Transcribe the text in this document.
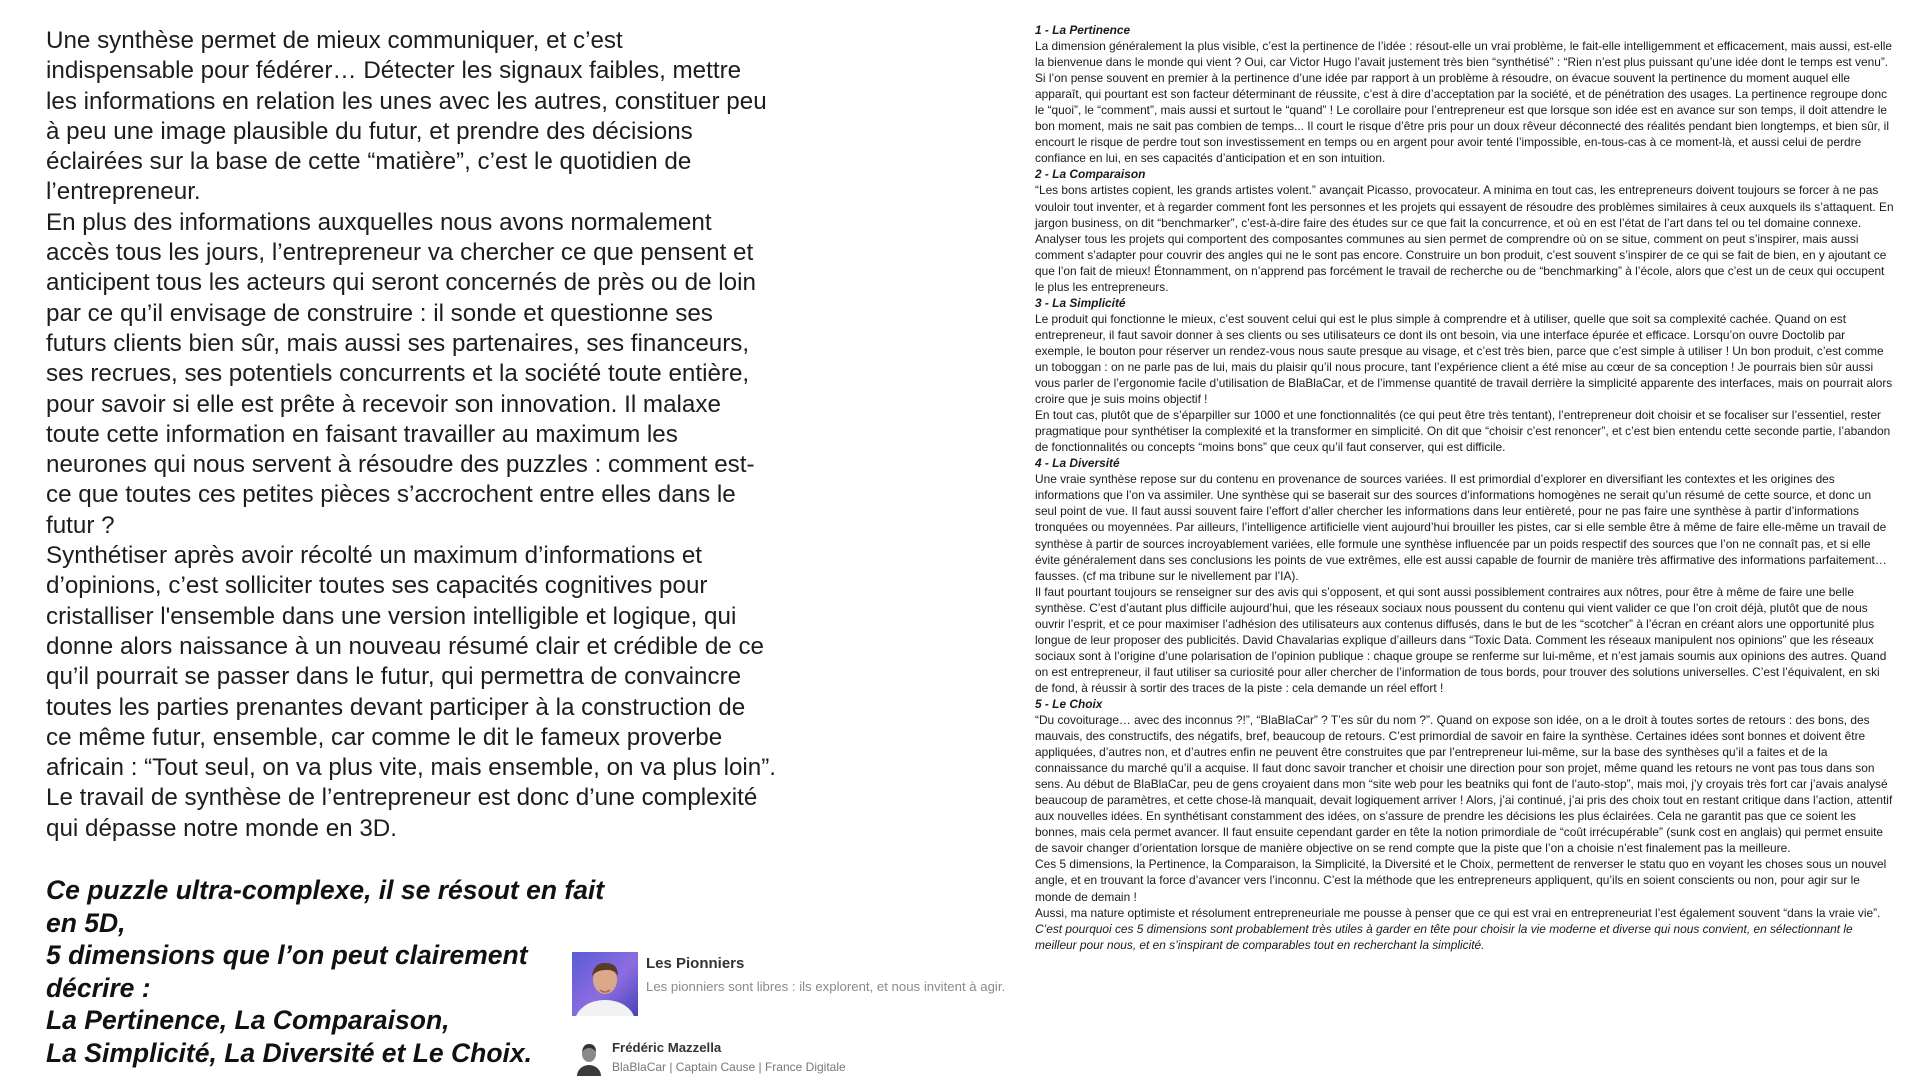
Une synthèse permet de mieux communiquer, et c’est indispensable pour fédérer… Détecter les signaux faibles, mettre les informations en relation les unes avec les autres, constituer peu à peu une image plausible du futur, et prendre des décisions éclairées sur la base de cette “matière”, c’est le quotidien de l’entrepreneur.

En plus des informations auxquelles nous avons normalement accès tous les jours, l’entrepreneur va chercher ce que pensent et anticipent tous les acteurs qui seront concernés de près ou de loin par ce qu’il envisage de construire : il sonde et questionne ses futurs clients bien sûr, mais aussi ses partenaires, ses financeurs, ses recrues, ses potentiels concurrents et la société toute entière, pour savoir si elle est prête à recevoir son innovation. Il malaxe toute cette information en faisant travailler au maximum les neurones qui nous servent à résoudre des puzzles : comment est-ce que toutes ces petites pièces s’accrochent entre elles dans le futur ?

Synthétiser après avoir récolté un maximum d’informations et d’opinions, c’est solliciter toutes ses capacités cognitives pour cristalliser l'ensemble dans une version intelligible et logique, qui donne alors naissance à un nouveau résumé clair et crédible de ce qu’il pourrait se passer dans le futur, qui permettra de convaincre toutes les parties prenantes devant participer à la construction de ce même futur, ensemble, car comme le dit le fameux proverbe africain : “Tout seul, on va plus vite, mais ensemble, on va plus loin”. Le travail de synthèse de l’entrepreneur est donc d’une complexité qui dépasse notre monde en 3D.

Ce puzzle ultra-complexe, il se résout en fait en 5D,

5 dimensions que l’on peut clairement décrire :

La Pertinence, La Comparaison,

La Simplicité, La Diversité et Le Choix.

Les Pionniers
Les pionniers sont libres : ils explorent, et nous invitent à agir.
Frédéric Mazzella
BlaBlaCar | Captain Cause | France Digitale

1 - La Pertinence

La dimension généralement la plus visible, c’est la pertinence de l’idée : résout-elle un vrai problème, le fait-elle intelligemment et efficacement, mais aussi, est-elle la bienvenue dans le monde qui vient ? Oui, car Victor Hugo l’avait justement très bien “synthétisé” : “Rien n’est plus puissant qu’une idée dont le temps est venu”. Si l’on pense souvent en premier à la pertinence d’une idée par rapport à un problème à résoudre, on évacue souvent la pertinence du moment auquel elle apparaît, qui pourtant est son facteur déterminant de réussite, c’est à dire d’acceptation par la société, et de pénétration des usages. La pertinence regroupe donc le “quoi”, le “comment”, mais aussi et surtout le “quand” ! Le corollaire pour l’entrepreneur est que lorsque son idée est en avance sur son temps, il doit attendre le bon moment, mais ne sait pas combien de temps... Il court le risque d’être pris pour un doux rêveur déconnecté des réalités pendant bien longtemps, et bien sûr, il encourt le risque de perdre tout son investissement en temps ou en argent pour avoir tenté l’impossible, en-tous-cas à ce moment-là, et aussi celui de perdre confiance en lui, en ses capacités d’anticipation et en son intuition.

2 - La Comparaison

“Les bons artistes copient, les grands artistes volent.” avançait Picasso, provocateur. A minima en tout cas, les entrepreneurs doivent toujours se forcer à ne pas vouloir tout inventer, et à regarder comment font les personnes et les projets qui essayent de résoudre des problèmes similaires à ceux auxquels ils s’attaquent. En jargon business, on dit “benchmarker”, c’est-à-dire faire des études sur ce que fait la concurrence, et où en est l’état de l’art dans tel ou tel domaine connexe. Analyser tous les projets qui comportent des composantes communes au sien permet de comprendre où on se situe, comment on peut s’inspirer, mais aussi comment s’adapter pour couvrir des angles qui ne le sont pas encore. Construire un bon produit, c’est souvent s’inspirer de ce qui se fait de bien, en y ajoutant ce que l’on fait de mieux! Étonnamment, on n’apprend pas forcément le travail de recherche ou de “benchmarking” à l’école, alors que c’est un de ceux qui occupent le plus les entrepreneurs.

3 - La Simplicité

Le produit qui fonctionne le mieux, c’est souvent celui qui est le plus simple à comprendre et à utiliser, quelle que soit sa complexité cachée. Quand on est entrepreneur, il faut savoir donner à ses clients ou ses utilisateurs ce dont ils ont besoin, via une interface épurée et efficace. Lorsqu’on ouvre Doctolib par exemple, le bouton pour réserver un rendez-vous nous saute presque au visage, et c’est très bien, parce que c’est simple à utiliser ! Un bon produit, c’est comme un toboggan : on ne parle pas de lui, mais du plaisir qu’il nous procure, tant l’expérience client a été mise au cœur de sa conception ! Je pourrais bien sûr aussi vous parler de l’ergonomie facile d’utilisation de BlaBlaCar, et de l’immense quantité de travail derrière la simplicité apparente des interfaces, mais on pourrait alors croire que je suis moins objectif !

En tout cas, plutôt que de s’éparpiller sur 1000 et une fonctionnalités (ce qui peut être très tentant), l’entrepreneur doit choisir et se focaliser sur l’essentiel, rester pragmatique pour synthétiser la complexité et la transformer en simplicité. On dit que “choisir c’est renoncer”, et c’est bien entendu cette seconde partie, l’abandon de fonctionnalités ou concepts “moins bons” que ceux qu’il faut conserver, qui est difficile.

4 - La Diversité

Une vraie synthèse repose sur du contenu en provenance de sources variées. Il est primordial d’explorer en diversifiant les contextes et les origines des informations que l’on va assimiler. Une synthèse qui se baserait sur des sources d’informations homogènes ne serait qu’un résumé de cette source, et donc un seul point de vue. Il faut aussi souvent faire l’effort d’aller chercher les informations dans leur entièreté, pour ne pas faire une synthèse à partir d’informations tronquées ou moyennées. Par ailleurs, l’intelligence artificielle vient aujourd’hui brouiller les pistes, car si elle semble être à même de faire elle-même un travail de synthèse à partir de sources incroyablement variées, elle formule une synthèse influencée par un poids respectif des sources que l’on ne connaît pas, et si elle évite généralement dans ses conclusions les points de vue extrêmes, elle est aussi capable de fournir de manière très affirmative des informations parfaitement… fausses. (cf ma tribune sur le nivellement par l’IA).

Il faut pourtant toujours se renseigner sur des avis qui s’opposent, et qui sont aussi possiblement contraires aux nôtres, pour être à même de faire une belle synthèse. C’est d’autant plus difficile aujourd’hui, que les réseaux sociaux nous poussent du contenu qui vient valider ce que l’on croit déjà, plutôt que de nous ouvrir l’esprit, et ce pour maximiser l’adhésion des utilisateurs aux contenus diffusés, dans le but de les “scotcher” à l’écran en créant alors une opportunité plus longue de leur proposer des publicités. David Chavalarias explique d’ailleurs dans “Toxic Data. Comment les réseaux manipulent nos opinions” que les réseaux sociaux sont à l’origine d’une polarisation de l’opinion publique : chaque groupe se renferme sur lui-même, et n’est jamais soumis aux opinions des autres. Quand on est entrepreneur, il faut utiliser sa curiosité pour aller chercher de l’information de tous bords, pour trouver des solutions universelles. C’est l’équivalent, en ski de fond, à réussir à sortir des traces de la piste : cela demande un réel effort !

5 - Le Choix

“Du covoiturage… avec des inconnus ?!”, “BlaBlaCar” ? T’es sûr du nom ?”. Quand on expose son idée, on a le droit à toutes sortes de retours : des bons, des mauvais, des constructifs, des négatifs, bref, beaucoup de retours. C’est primordial de savoir en faire la synthèse. Certaines idées sont bonnes et doivent être appliquées, d’autres non, et d’autres enfin ne peuvent être construites que par l’entrepreneur lui-même, sur la base des synthèses qu’il a faites et de la connaissance du marché qu’il a acquise. Il faut donc savoir trancher et choisir une direction pour son projet, même quand les retours ne vont pas tous dans son sens. Au début de BlaBlaCar, peu de gens croyaient dans mon “site web pour les beatniks qui font de l’auto-stop”, mais moi, j’y croyais très fort car j’avais analysé beaucoup de paramètres, et cette chose-là manquait, devait logiquement arriver ! Alors, j’ai continué, j’ai pris des choix tout en restant critique dans l’action, attentif aux nouvelles idées. En synthétisant constamment des idées, on s’assure de prendre les décisions les plus éclairées. Cela ne garantit pas que ce soient les bonnes, mais cela permet avancer. Il faut ensuite cependant garder en tête la notion primordiale de “coût irrécupérable” (sunk cost en anglais) qui permet ensuite de savoir changer d’orientation lorsque de manière objective on se rend compte que la piste que l’on a choisie n’est finalement pas la meilleure.

Ces 5 dimensions, la Pertinence, la Comparaison, la Simplicité, la Diversité et le Choix, permettent de renverser le statu quo en voyant les choses sous un nouvel angle, et en trouvant la force d’avancer vers l’inconnu. C’est la méthode que les entrepreneurs appliquent, qu’ils en soient conscients ou non, pour agir sur le monde de demain !

Aussi, ma nature optimiste et résolument entrepreneuriale me pousse à penser que ce qui est vrai en entrepreneuriat l’est également souvent “dans la vraie vie”.

C’est pourquoi ces 5 dimensions sont probablement très utiles à garder en tête pour choisir la vie moderne et diverse qui nous convient, en sélectionnant le meilleur pour nous, et en s’inspirant de comparables tout en recherchant la simplicité.
